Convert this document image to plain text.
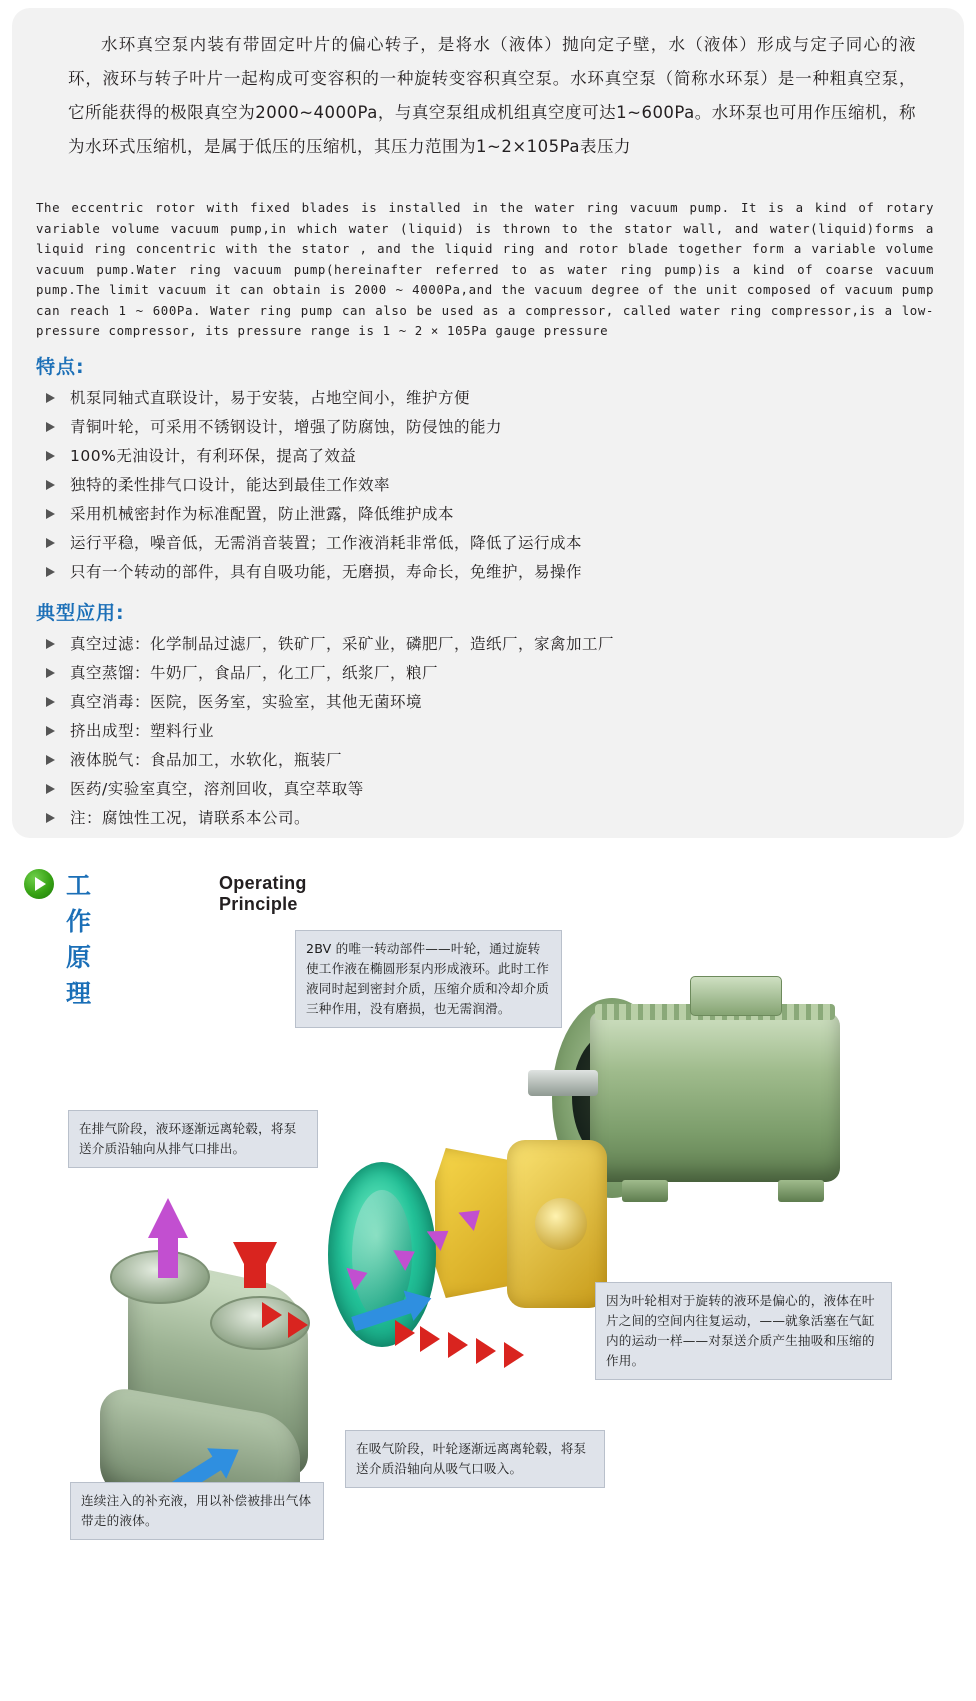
水环真空泵内装有带固定叶片的偏心转子，是将水（液体）抛向定子壁，水（液体）形成与定子同心的液环，液环与转子叶片一起构成可变容积的一种旋转变容积真空泵。水环真空泵（简称水环泵）是一种粗真空泵，它所能获得的极限真空为2000~4000Pa，与真空泵组成机组真空度可达1~600Pa。水环泵也可用作压缩机，称为水环式压缩机，是属于低压的压缩机，其压力范围为1~2×105Pa表压力
The eccentric rotor with fixed blades is installed in the water ring vacuum pump. It is a kind of rotary variable volume vacuum pump,in which water (liquid) is thrown to the stator wall, and water(liquid)forms a liquid ring concentric with the stator , and the liquid ring and rotor blade together form a variable volume vacuum pump.Water ring vacuum pump(hereinafter referred to as water ring pump)is a kind of coarse vacuum pump.The limit vacuum it can obtain is 2000 ~ 4000Pa,and the vacuum degree of the unit composed of vacuum pump can reach 1 ~ 600Pa. Water ring pump can also be used as a compressor, called water ring compressor,is a low-pressure compressor, its pressure range is 1 ~ 2 × 105Pa gauge pressure
特点:
机泵同轴式直联设计，易于安装，占地空间小，维护方便
青铜叶轮，可采用不锈钢设计，增强了防腐蚀，防侵蚀的能力
100%无油设计，有利环保，提高了效益
独特的柔性排气口设计，能达到最佳工作效率
采用机械密封作为标准配置，防止泄露，降低维护成本
运行平稳，噪音低，无需消音装置；工作液消耗非常低，降低了运行成本
只有一个转动的部件，具有自吸功能，无磨损，寿命长，免维护，易操作
典型应用:
真空过滤：化学制品过滤厂，铁矿厂，采矿业，磷肥厂，造纸厂，家禽加工厂
真空蒸馏：牛奶厂，食品厂，化工厂，纸浆厂，粮厂
真空消毒：医院，医务室，实验室，其他无菌环境
挤出成型：塑料行业
液体脱气：食品加工，水软化，瓶装厂
医药/实验室真空，溶剂回收，真空萃取等
注：腐蚀性工况，请联系本公司。
工作原理
Operating Principle
2BV 的唯一转动部件——叶轮，通过旋转使工作液在椭圆形泵内形成液环。此时工作液同时起到密封介质，压缩介质和冷却介质三种作用，没有磨损，也无需润滑。
在排气阶段，液环逐渐远离轮毂，将泵送介质沿轴向从排气口排出。
因为叶轮相对于旋转的液环是偏心的，液体在叶片之间的空间内往复运动，——就象活塞在气缸内的运动一样——对泵送介质产生抽吸和压缩的作用。
在吸气阶段，叶轮逐渐远离离轮毂，将泵送介质沿轴向从吸气口吸入。
连续注入的补充液，用以补偿被排出气体带走的液体。
